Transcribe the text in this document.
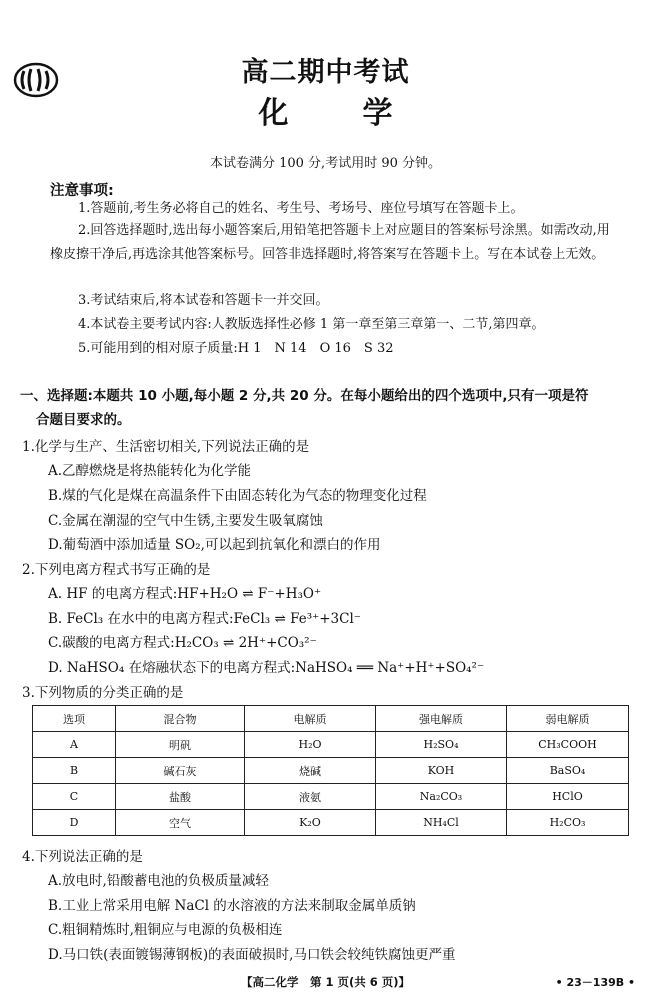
高二期中考试
化 学
本试卷满分 100 分,考试用时 90 分钟。
注意事项:
1.答题前,考生务必将自己的姓名、考生号、考场号、座位号填写在答题卡上。
2.回答选择题时,选出每小题答案后,用铅笔把答题卡上对应题目的答案标号涂黑。如需改动,用橡皮擦干净后,再选涂其他答案标号。回答非选择题时,将答案写在答题卡上。写在本试卷上无效。
3.考试结束后,将本试卷和答题卡一并交回。
4.本试卷主要考试内容:人教版选择性必修 1 第一章至第三章第一、二节,第四章。
5.可能用到的相对原子质量:H 1　N 14　O 16　S 32
一、选择题:本题共 10 小题,每小题 2 分,共 20 分。在每小题给出的四个选项中,只有一项是符
合题目要求的。
1.化学与生产、生活密切相关,下列说法正确的是
A.乙醇燃烧是将热能转化为化学能
B.煤的气化是煤在高温条件下由固态转化为气态的物理变化过程
C.金属在潮湿的空气中生锈,主要发生吸氧腐蚀
D.葡萄酒中添加适量 SO₂,可以起到抗氧化和漂白的作用
2.下列电离方程式书写正确的是
A. HF 的电离方程式:HF+H₂O ⇌ F⁻+H₃O⁺
B. FeCl₃ 在水中的电离方程式:FeCl₃ ⇌ Fe³⁺+3Cl⁻
C.碳酸的电离方程式:H₂CO₃ ⇌ 2H⁺+CO₃²⁻
D. NaHSO₄ 在熔融状态下的电离方程式:NaHSO₄ ══ Na⁺+H⁺+SO₄²⁻
3.下列物质的分类正确的是
选项	混合物	电解质	强电解质	弱电解质
A	明矾	H₂O	H₂SO₄	CH₃COOH
B	碱石灰	烧碱	KOH	BaSO₄
C	盐酸	液氨	Na₂CO₃	HClO
D	空气	K₂O	NH₄Cl	H₂CO₃
4.下列说法正确的是
A.放电时,铅酸蓄电池的负极质量减轻
B.工业上常采用电解 NaCl 的水溶液的方法来制取金属单质钠
C.粗铜精炼时,粗铜应与电源的负极相连
D.马口铁(表面镀锡薄钢板)的表面破损时,马口铁会较纯铁腐蚀更严重
【高二化学　第 1 页(共 6 页)】	• 23－139B •
